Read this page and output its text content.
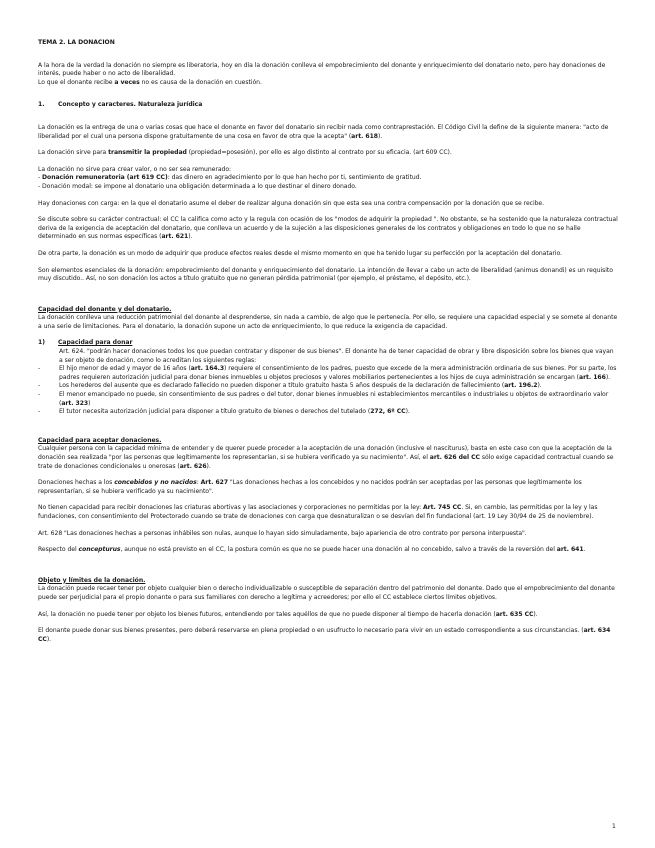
TEMA 2. LA DONACION

A la hora de la verdad la donación no siempre es liberatoria, hoy en día la donación conlleva el empobrecimiento del donante y enriquecimiento del donatario neto, pero hay donaciones de interés, puede haber o no acto de liberalidad.

Lo que el donante recibe a veces no es causa de la donación en cuestión.

1.	Concepto y caracteres. Naturaleza jurídica

La donación es la entrega de una o varias cosas que hace el donante en favor del donatario sin recibir nada como contraprestación. El Código Civil la define de la siguiente manera: "acto de liberalidad por el cual una persona dispone gratuitamente de una cosa en favor de otra que la acepta" (art. 618).

La donación sirve para transmitir la propiedad (propiedad=posesión), por ello es algo distinto al contrato por su eficacia. (art 609 CC).

La donación no sirve para crear valor, o no ser sea remunerado:

- Donación remuneratoria (art 619 CC): das dinero en agradecimiento por lo que han hecho por ti, sentimiento de gratitud.

- Donación modal: se impone al donatario una obligación determinada a lo que destinar el dinero donado.

Hay donaciones con carga: en la que el donatario asume el deber de realizar alguna donación sin que esta sea una contra compensación por la donación que se recibe.

Se discute sobre su carácter contractual: el CC la califica como acto y la regula con ocasión de los "modos de adquirir la propiedad ". No obstante, se ha sostenido que la naturaleza contractual deriva de la exigencia de aceptación del donatario, que conlleva un acuerdo y de la sujeción a las disposiciones generales de los contratos y obligaciones en todo lo que no se halle determinado en sus normas específicas (art. 621).

De otra parte, la donación es un modo de adquirir que produce efectos reales desde el mismo momento en que ha tenido lugar su perfección por la aceptación del donatario.

Son elementos esenciales de la donación: empobrecimiento del donante y enriquecimiento del donatario. La intención de llevar a cabo un acto de liberalidad (animus donandi) es un requisito muy discutido.. Así, no son donación los actos a título gratuito que no generan pérdida patrimonial (por ejemplo, el préstamo, el depósito, etc.).

Capacidad del donante y del donatario.

La donación conlleva una reducción patrimonial del donante al desprenderse, sin nada a cambio, de algo que le pertenecía. Por ello, se requiere una capacidad especial y se somete al donante a una serie de limitaciones. Para el donatario, la donación supone un acto de enriquecimiento, lo que reduce la exigencia de capacidad.

1)	Capacidad para donar

Art. 624. "podrán hacer donaciones todos los que puedan contratar y disponer de sus bienes". El donante ha de tener capacidad de obrar y libre disposición sobre los bienes que vayan a ser objeto de donación, como lo acreditan los siguientes reglas:

-	El hijo menor de edad y mayor de 16 años (art. 164.3) requiere el consentimiento de los padres, puesto que excede de la mera administración ordinaria de sus bienes. Por su parte, los padres requieren autorización judicial para donar bienes inmuebles u objetos preciosos y valores mobiliarios pertenecientes a los hijos de cuya administración se encargan (art. 166).
-	Los herederos del ausente que es declarado fallecido no pueden disponer a título gratuito hasta 5 años después de la declaración de fallecimiento (art. 196.2).
-	El menor emancipado no puede, sin consentimiento de sus padres o del tutor, donar bienes inmuebles ni establecimientos mercantiles o industriales u objetos de extraordinario valor (art. 323)
-	El tutor necesita autorización judicial para disponer a título gratuito de bienes o derechos del tutelado (272, 6º CC).

Capacidad para aceptar donaciones.

Cualquier persona con la capacidad mínima de entender y de querer puede proceder a la aceptación de una donación (inclusive el nasciturus), basta en este caso con que la aceptación de la donación sea realizada "por las personas que legítimamente los representarían, si se hubiera verificado ya su nacimiento". Así, el art. 626 del CC sólo exige capacidad contractual cuando se trate de donaciones condicionales u onerosas (art. 626).

Donaciones hechas a los concebidos y no nacidos: Art. 627 "Las donaciones hechas a los concebidos y no nacidos podrán ser aceptadas por las personas que legítimamente los representarían, si se hubiera verificado ya su nacimiento".

No tienen capacidad para recibir donaciones las criaturas abortivas y las asociaciones y corporaciones no permitidas por la ley: Art. 745 CC. Si, en cambio, las permitidas por la ley y las fundaciones, con consentimiento del Protectorado cuando se trate de donaciones con carga que desnaturalizan o se desvían del fin fundacional (art. 19 Ley 30/94 de 25 de noviembre).

Art. 628 "Las donaciones hechas a personas inhábiles son nulas, aunque lo hayan sido simuladamente, bajo apariencia de otro contrato por persona interpuesta".

Respecto del concepturus, aunque no está previsto en el CC, la postura común es que no se puede hacer una donación al no concebido, salvo a través de la reversión del art. 641.

Objeto y límites de la donación.

La donación puede recaer tener por objeto cualquier bien o derecho individualizable o susceptible de separación dentro del patrimonio del donante. Dado que el empobrecimiento del donante puede ser perjudicial para el propio donante o para sus familiares con derecho a legítima y acreedores; por ello el CC establece ciertos límites objetivos.

Así, la donación no puede tener por objeto los bienes futuros, entendiendo por tales aquéllos de que no puede disponer al tiempo de hacerla donación (art. 635 CC).

El donante puede donar sus bienes presentes, pero deberá reservarse en plena propiedad o en usufructo lo necesario para vivir en un estado correspondiente a sus circunstancias. (art. 634 CC).

1
